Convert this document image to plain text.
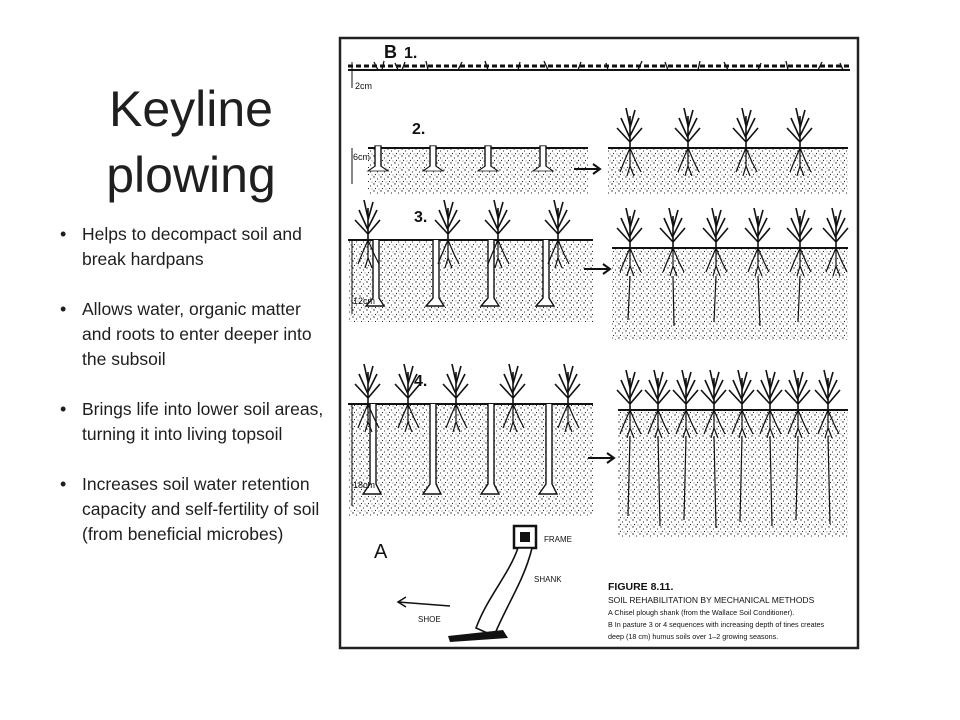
Keyline
plowing
• Helps to decompact soil and break hardpans
• Allows water, organic matter and roots to enter deeper into the subsoil
• Brings life into lower soil areas, turning it into living topsoil
• Increases soil water retention capacity and self-fertility of soil (from beneficial microbes)
B 1.
2cm
2.
6cm
3.
12cm
4.
18cm
A
FRAME
SHANK
SHOE
FIGURE 8.11.
SOIL REHABILITATION BY MECHANICAL METHODS
A Chisel plough shank (from the Wallace Soil Conditioner).
B In pasture 3 or 4 sequences with increasing depth of tines creates
deep (18 cm) humus soils over 1–2 growing seasons.
